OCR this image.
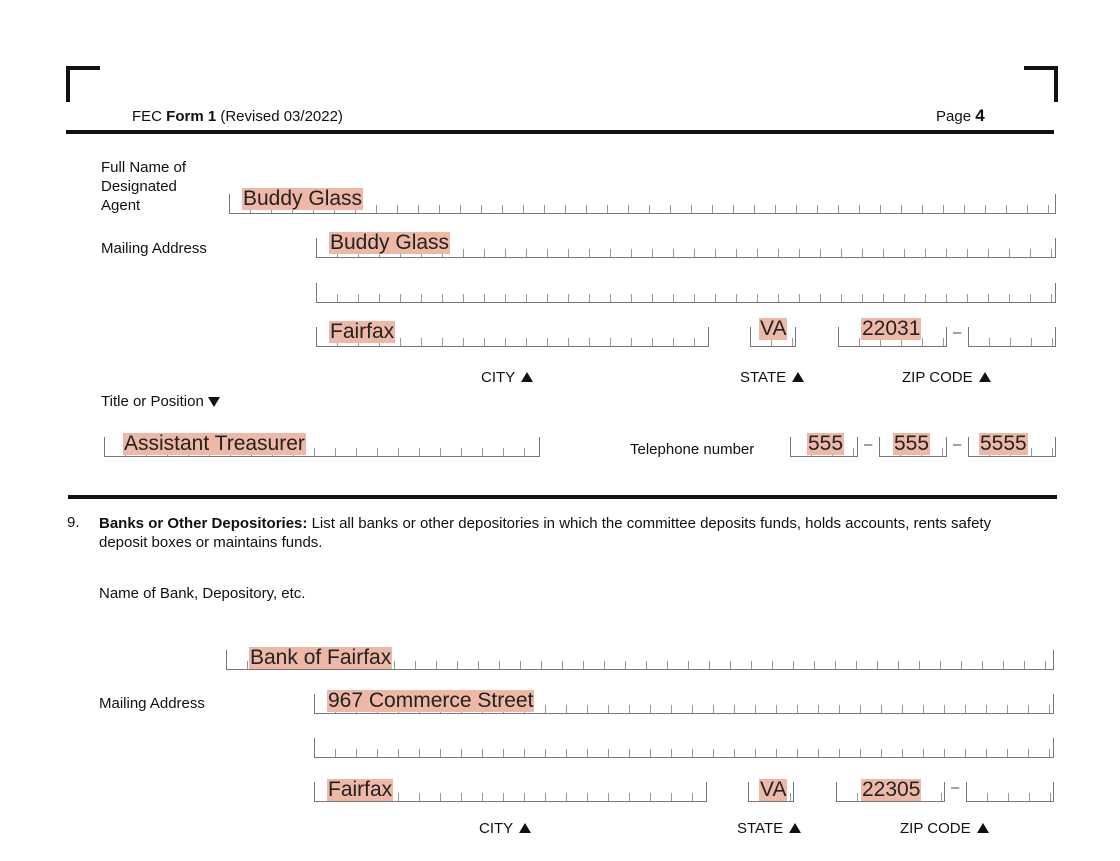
FEC Form 1 (Revised 03/2022)	Page 4
Full Name of Designated Agent	Buddy Glass
Mailing Address	Buddy Glass
Fairfax	VA	22031 –
CITY	STATE	ZIP CODE
Title or Position
Assistant Treasurer	Telephone number	555 – 555 – 5555
9. Banks or Other Depositories: List all banks or other depositories in which the committee deposits funds, holds accounts, rents safety deposit boxes or maintains funds.
Name of Bank, Depository, etc.
Bank of Fairfax
Mailing Address	967 Commerce Street
Fairfax	VA	22305 –
CITY	STATE	ZIP CODE
